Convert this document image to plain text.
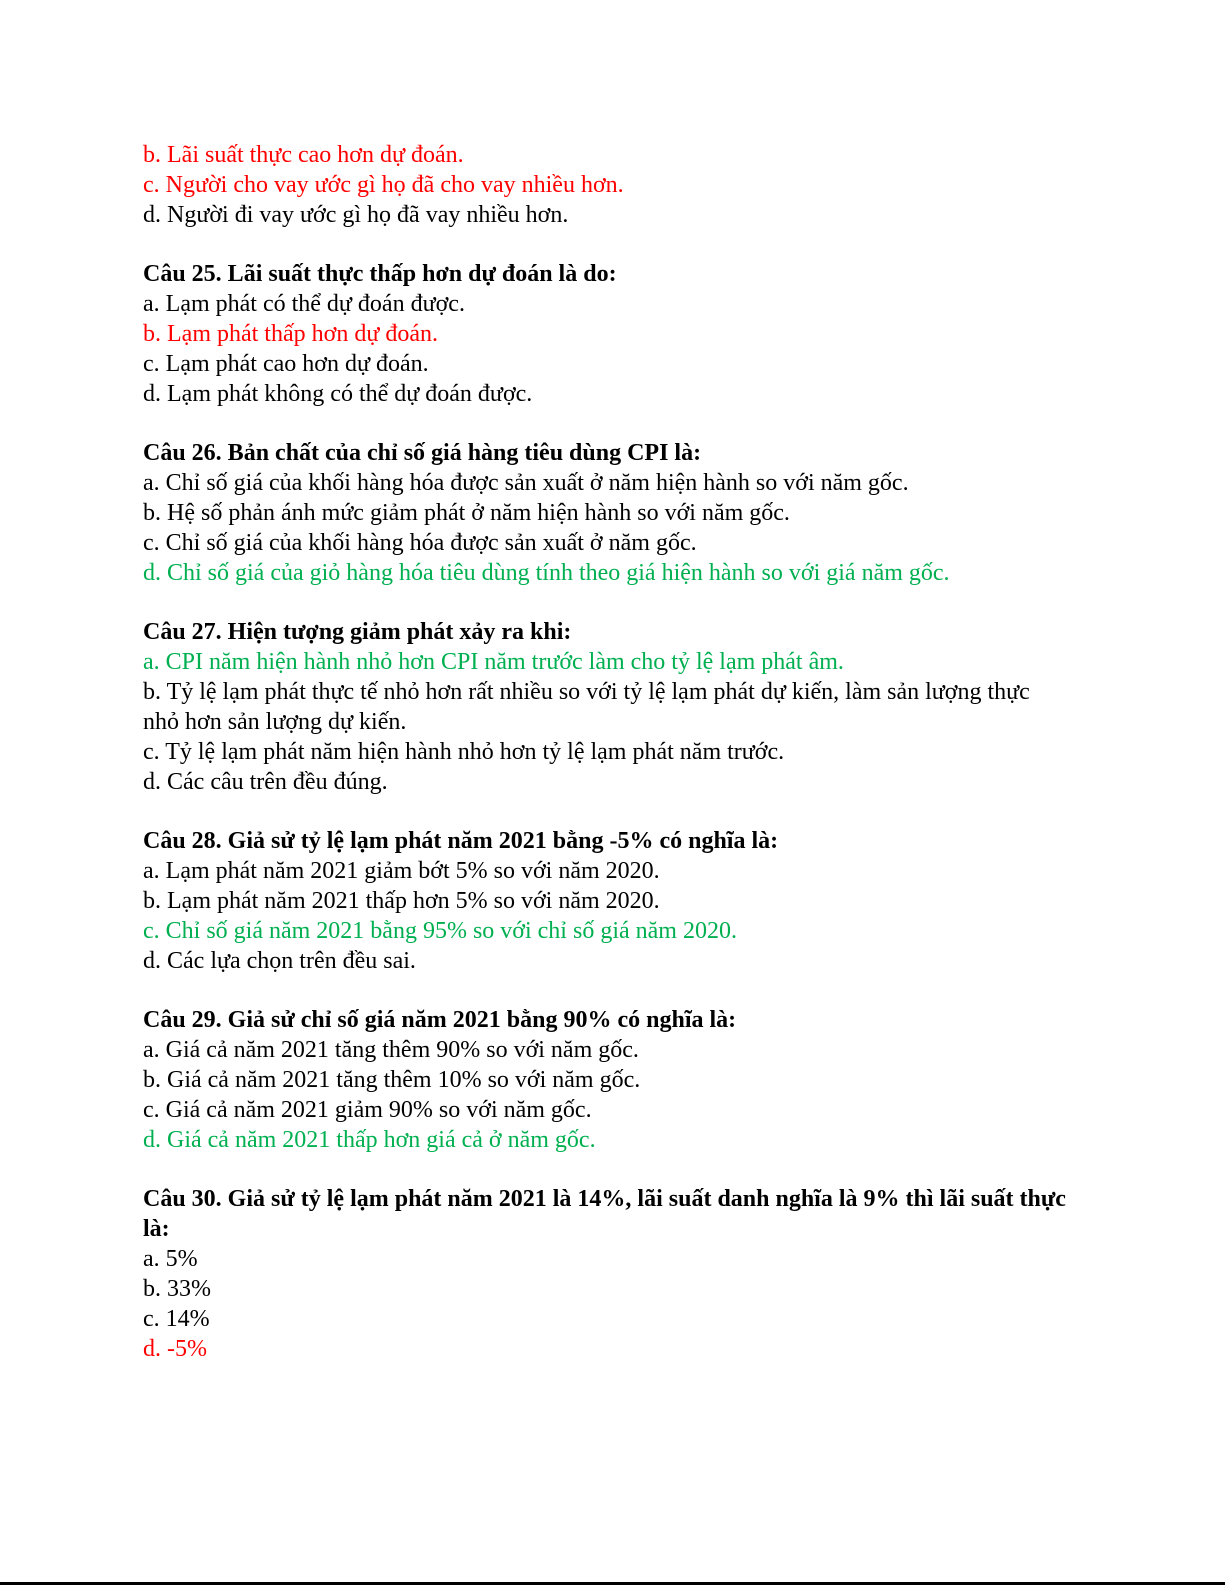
b. Lãi suất thực cao hơn dự đoán.
c. Người cho vay ước gì họ đã cho vay nhiều hơn.
d. Người đi vay ước gì họ đã vay nhiều hơn.
Câu 25. Lãi suất thực thấp hơn dự đoán là do:
a. Lạm phát có thể dự đoán được.
b. Lạm phát thấp hơn dự đoán.
c. Lạm phát cao hơn dự đoán.
d. Lạm phát không có thể dự đoán được.
Câu 26. Bản chất của chỉ số giá hàng tiêu dùng CPI là:
a. Chỉ số giá của khối hàng hóa được sản xuất ở năm hiện hành so với năm gốc.
b. Hệ số phản ánh mức giảm phát ở năm hiện hành so với năm gốc.
c. Chỉ số giá của khối hàng hóa được sản xuất ở năm gốc.
d. Chỉ số giá của giỏ hàng hóa tiêu dùng tính theo giá hiện hành so với giá năm gốc.
Câu 27. Hiện tượng giảm phát xảy ra khi:
a. CPI năm hiện hành nhỏ hơn CPI năm trước làm cho tỷ lệ lạm phát âm.
b. Tỷ lệ lạm phát thực tế nhỏ hơn rất nhiều so với tỷ lệ lạm phát dự kiến, làm sản lượng thực nhỏ hơn sản lượng dự kiến.
c. Tỷ lệ lạm phát năm hiện hành nhỏ hơn tỷ lệ lạm phát năm trước.
d. Các câu trên đều đúng.
Câu 28. Giả sử tỷ lệ lạm phát năm 2021 bằng -5% có nghĩa là:
a. Lạm phát năm 2021 giảm bớt 5% so với năm 2020.
b. Lạm phát năm 2021 thấp hơn 5% so với năm 2020.
c. Chỉ số giá năm 2021 bằng 95% so với chỉ số giá năm 2020.
d. Các lựa chọn trên đều sai.
Câu 29. Giả sử chỉ số giá năm 2021 bằng 90% có nghĩa là:
a. Giá cả năm 2021 tăng thêm 90% so với năm gốc.
b. Giá cả năm 2021 tăng thêm 10% so với năm gốc.
c. Giá cả năm 2021 giảm 90% so với năm gốc.
d. Giá cả năm 2021 thấp hơn giá cả ở năm gốc.
Câu 30. Giả sử tỷ lệ lạm phát năm 2021 là 14%, lãi suất danh nghĩa là 9% thì lãi suất thực là:
a. 5%
b. 33%
c. 14%
d. -5%
